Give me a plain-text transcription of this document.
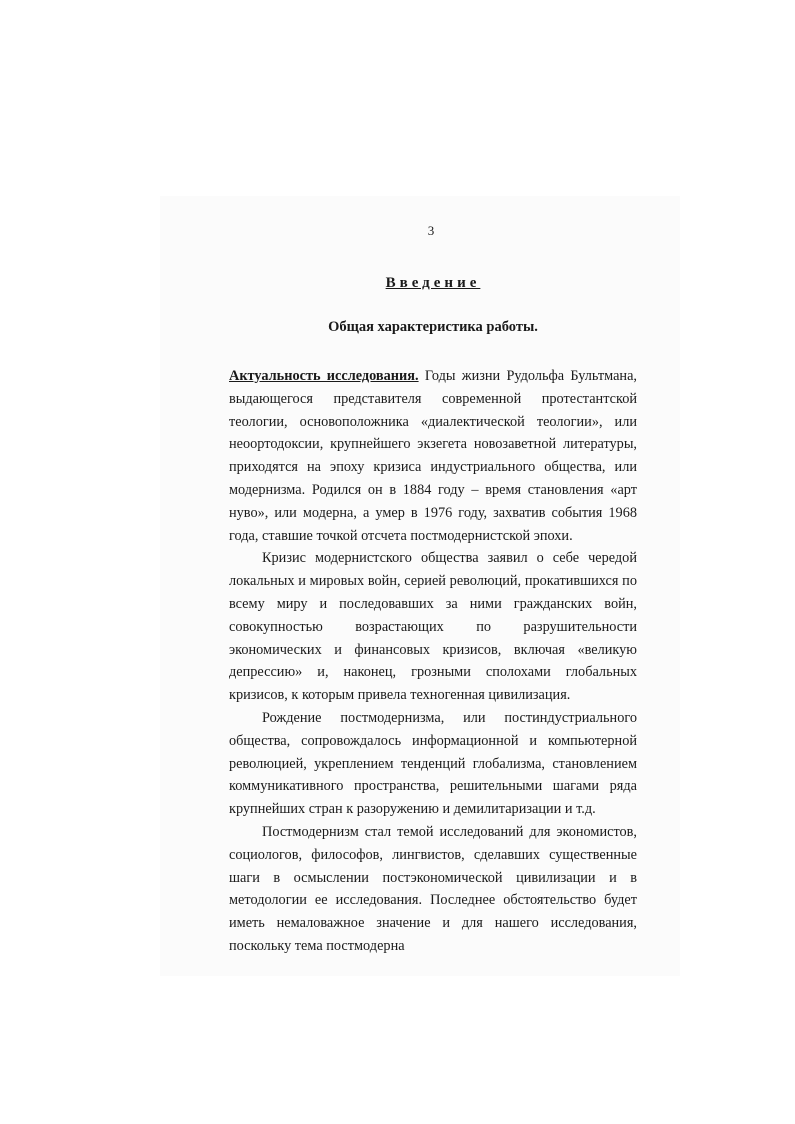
3
Введение
Общая характеристика работы.

Актуальность исследования. Годы жизни Рудольфа Бультмана, выдающегося представителя современной протестантской теологии, основоположника «диалектической теологии», или неоортодоксии, крупнейшего экзегета новозаветной литературы, приходятся на эпоху кризиса индустриального общества, или модернизма. Родился он в 1884 году – время становления «арт нуво», или модерна, а умер в 1976 году, захватив события 1968 года, ставшие точкой отсчета постмодернистской эпохи.

Кризис модернистского общества заявил о себе чередой локальных и мировых войн, серией революций, прокатившихся по всему миру и последовавших за ними гражданских войн, совокупностью возрастающих по разрушительности экономических и финансовых кризисов, включая «великую депрессию» и, наконец, грозными сполохами глобальных кризисов, к которым привела техногенная цивилизация.

Рождение постмодернизма, или постиндустриального общества, сопровождалось информационной и компьютерной революцией, укреплением тенденций глобализма, становлением коммуникативного пространства, решительными шагами ряда крупнейших стран к разоружению и демилитаризации и т.д.

Постмодернизм стал темой исследований для экономистов, социологов, философов, лингвистов, сделавших существенные шаги в осмыслении постэкономической цивилизации и в методологии ее исследования. Последнее обстоятельство будет иметь немаловажное значение и для нашего исследования, поскольку тема постмодерна
